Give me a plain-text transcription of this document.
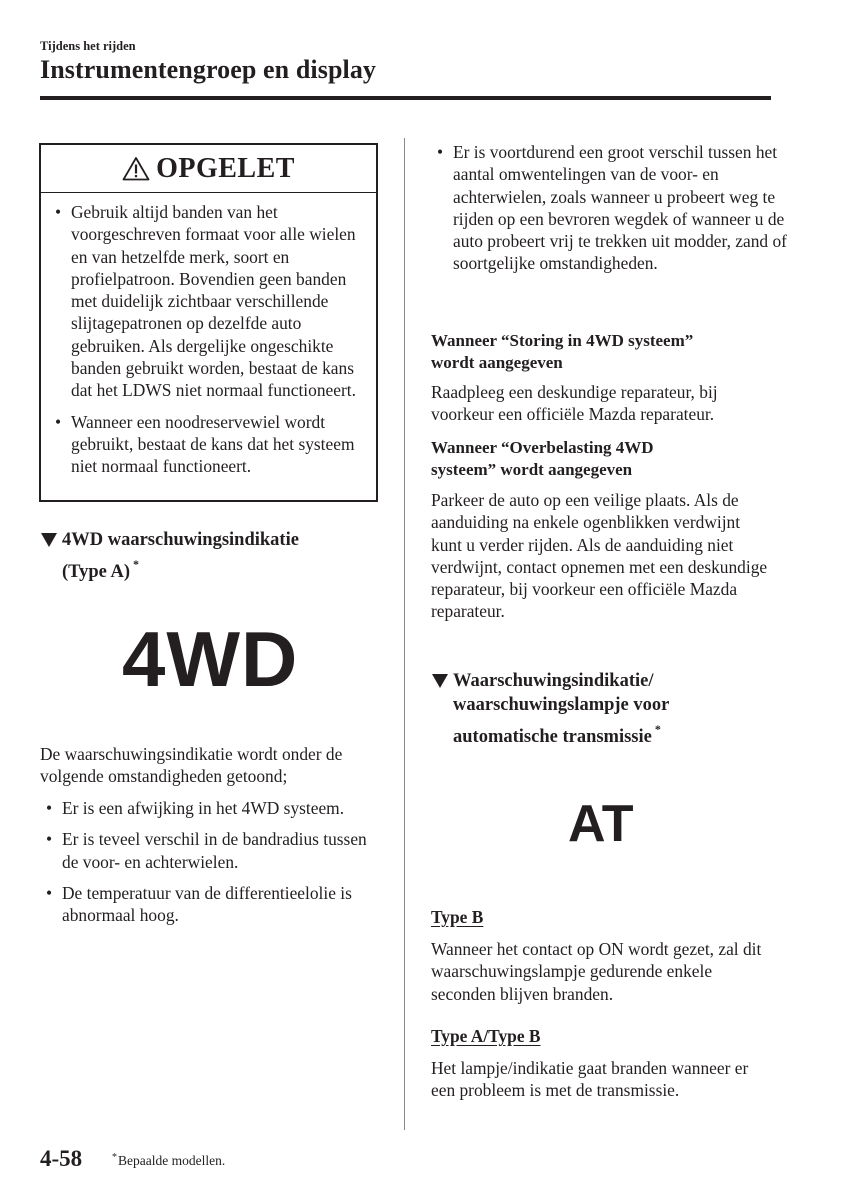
Tijdens het rijden
Instrumentengroep en display
OPGELET
• Gebruik altijd banden van het voorgeschreven formaat voor alle wielen en van hetzelfde merk, soort en profielpatroon. Bovendien geen banden met duidelijk zichtbaar verschillende slijtagepatronen op dezelfde auto gebruiken. Als dergelijke ongeschikte banden gebruikt worden, bestaat de kans dat het LDWS niet normaal functioneert.
• Wanneer een noodreservewiel wordt gebruikt, bestaat de kans dat het systeem niet normaal functioneert.
4WD waarschuwingsindikatie
(Type A) *
4WD
De waarschuwingsindikatie wordt onder de volgende omstandigheden getoond;
• Er is een afwijking in het 4WD systeem.
• Er is teveel verschil in de bandradius tussen de voor- en achterwielen.
• De temperatuur van de differentieelolie is abnormaal hoog.
• Er is voortdurend een groot verschil tussen het aantal omwentelingen van de voor- en achterwielen, zoals wanneer u probeert weg te rijden op een bevroren wegdek of wanneer u de auto probeert vrij te trekken uit modder, zand of soortgelijke omstandigheden.
Wanneer “Storing in 4WD systeem”
wordt aangegeven
Raadpleeg een deskundige reparateur, bij voorkeur een officiële Mazda reparateur.
Wanneer “Overbelasting 4WD
systeem” wordt aangegeven
Parkeer de auto op een veilige plaats. Als de aanduiding na enkele ogenblikken verdwijnt kunt u verder rijden. Als de aanduiding niet verdwijnt, contact opnemen met een deskundige reparateur, bij voorkeur een officiële Mazda reparateur.
Waarschuwingsindikatie/
waarschuwingslampje voor
automatische transmissie *
AT
Type B
Wanneer het contact op ON wordt gezet, zal dit waarschuwingslampje gedurende enkele seconden blijven branden.
Type A/Type B
Het lampje/indikatie gaat branden wanneer er een probleem is met de transmissie.
4-58	*Bepaalde modellen.
